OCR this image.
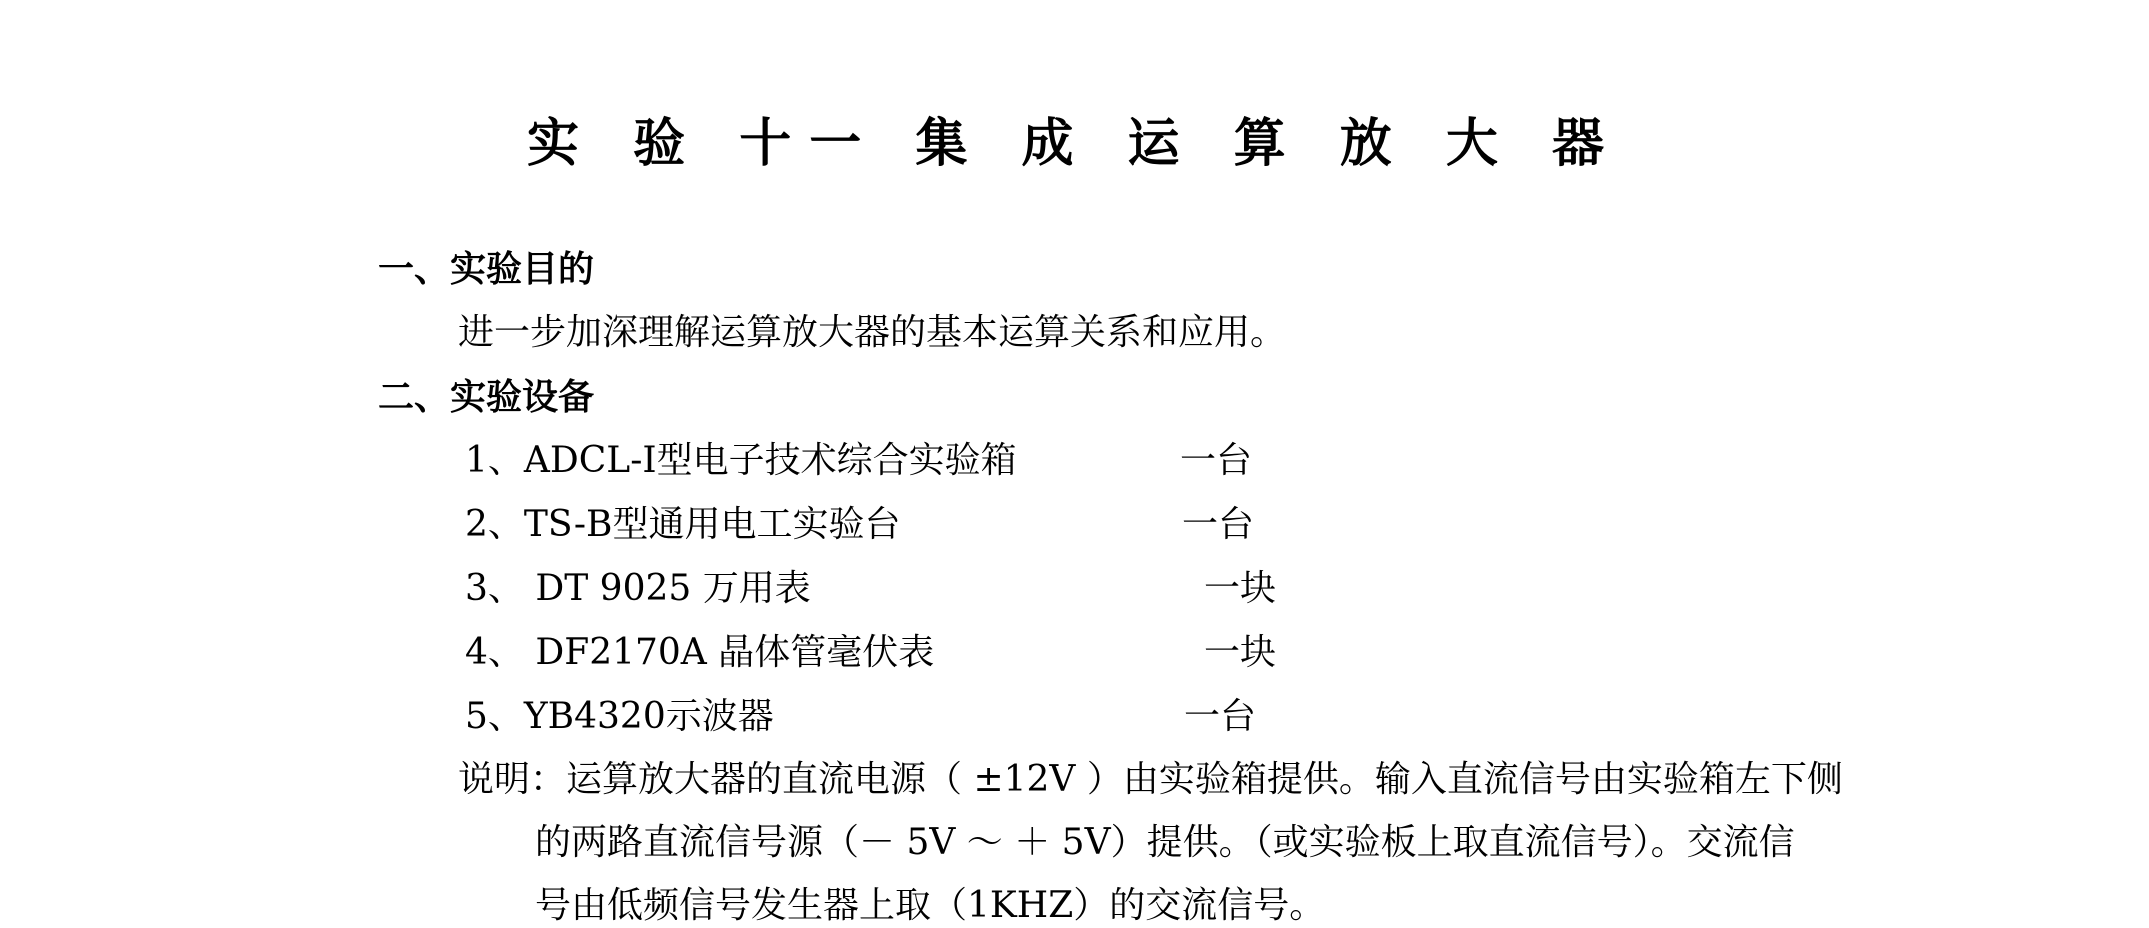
实 验 十一 集 成 运 算 放 大 器
一、实验目的
进一步加深理解运算放大器的基本运算关系和应用。
二、实验设备
1、ADCL-I型电子技术综合实验箱	一台
2、TS-B型通用电工实验台	一台
3、 DT 9025 万用表	一块
4、 DF2170A 晶体管毫伏表	一块
5、YB4320示波器	一台
说明：运算放大器的直流电源（ ±12V ）由实验箱提供。输入直流信号由实验箱左下侧
的两路直流信号源（－ 5V ～ ＋ 5V）提供。（或实验板上取直流信号）。交流信
号由低频信号发生器上取（1KHZ）的交流信号。
